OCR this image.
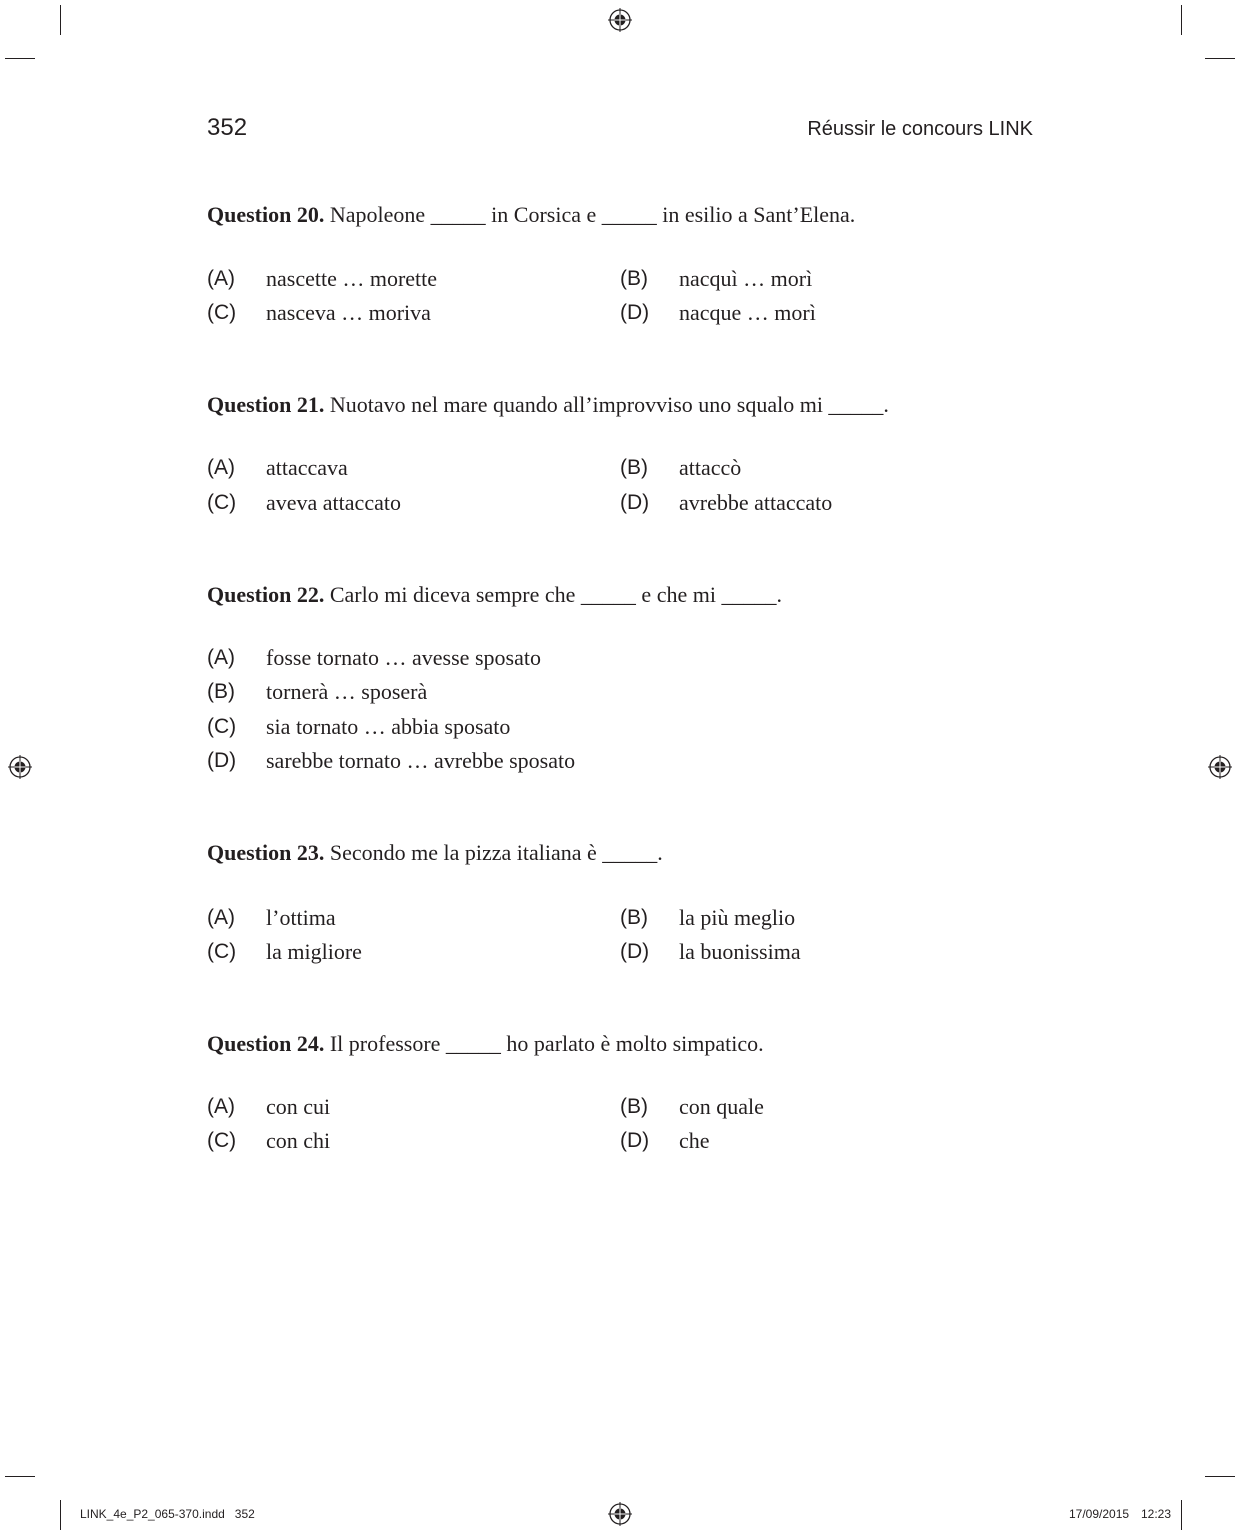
352	Réussir le concours LINK
Question 20. Napoleone _____ in Corsica e _____ in esilio a Sant’Elena.
(A) nascette … morette	(B) nacquì … morì
(C) nasceva … moriva	(D) nacque … morì
Question 21. Nuotavo nel mare quando all’improvviso uno squalo mi _____.
(A) attaccava	(B) attaccò
(C) aveva attaccato	(D) avrebbe attaccato
Question 22. Carlo mi diceva sempre che _____ e che mi _____.
(A) fosse tornato … avesse sposato
(B) tornerà … sposerà
(C) sia tornato … abbia sposato
(D) sarebbe tornato … avrebbe sposato
Question 23. Secondo me la pizza italiana è _____.
(A) l’ottima	(B) la più meglio
(C) la migliore	(D) la buonissima
Question 24. Il professore _____ ho parlato è molto simpatico.
(A) con cui	(B) con quale
(C) con chi	(D) che
LINK_4e_P2_065-370.indd   352	17/09/2015 12:23
